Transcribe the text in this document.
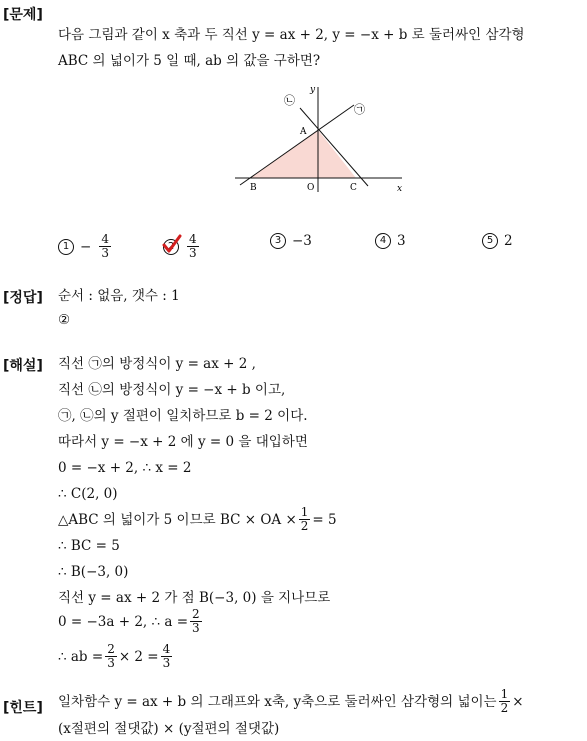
[문제]
다음 그림과 같이 x 축과 두 직선 y = ax + 2, y = −x + b 로 둘러싸인 삼각형
ABC 의 넓이가 5 일 때, ab 의 값을 구하면?
A
B	C
O	x
y
㉠
㉡
$1 - \frac{4}{3}$	2	$\frac{4}{3}$	3 −3	4 3	5 2
[정답] 순서 : 없음, 갯수 : 1
②
[해설] 직선 ㉠의 방정식이 y = ax + 2 ,
직선 ㉡의 방정식이 y = −x + b 이고,
㉠, ㉡의 y 절편이 일치하므로 b = 2 이다.
따라서 y = −x + 2 에 y = 0 을 대입하면
0 = −x + 2, ∴ x = 2
∴ C(2, 0)
△ABC 의 넓이가 5 이므로 BC × OA × $\frac{1}{2} = 5$
∴ BC = 5
∴ B(−3, 0)
직선 y = ax + 2 가 점 B(−3, 0) 을 지나므로
0 = −3a + 2, ∴ $a = \frac{2}{3}$
∴ ab = $\frac{2}{3} \times 2 = \frac{4}{3}$
[힌트] 일차함수 y = ax + b 의 그래프와 x축, y축으로 둘러싸인 삼각형의 넓이는 $\frac{1}{2}$ ×
(x절편의 절댓값) × (y절편의 절댓값)
